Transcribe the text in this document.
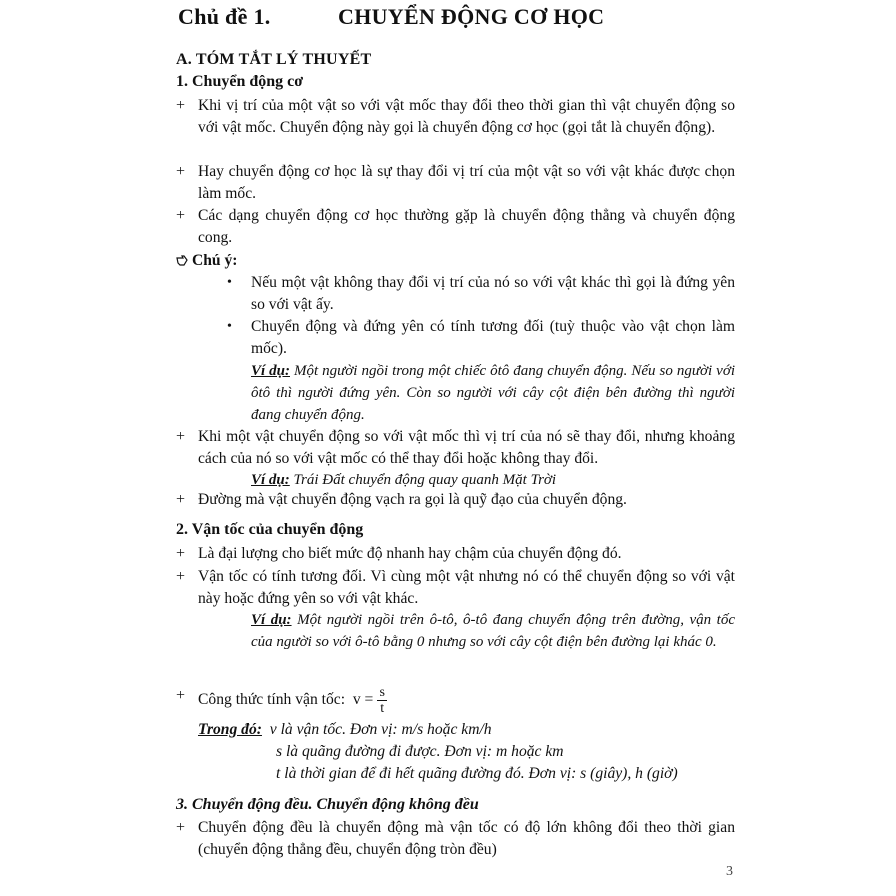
Chủ đề 1.	CHUYỂN ĐỘNG CƠ HỌC
A. TÓM TẮT LÝ THUYẾT
1. Chuyển động cơ
+ Khi vị trí của một vật so với vật mốc thay đổi theo thời gian thì vật chuyển động so với vật mốc. Chuyển động này gọi là chuyển động cơ học (gọi tắt là chuyển động).
+ Hay chuyển động cơ học là sự thay đổi vị trí của một vật so với vật khác được chọn làm mốc.
+ Các dạng chuyển động cơ học thường gặp là chuyển động thẳng và chuyển động cong.
Chú ý:
• Nếu một vật không thay đổi vị trí của nó so với vật khác thì gọi là đứng yên so với vật ấy.
• Chuyển động và đứng yên có tính tương đối (tuỳ thuộc vào vật chọn làm mốc).
Ví dụ: Một người ngồi trong một chiếc ôtô đang chuyển động. Nếu so người với ôtô thì người đứng yên. Còn so người với cây cột điện bên đường thì người đang chuyển động.
+ Khi một vật chuyển động so với vật mốc thì vị trí của nó sẽ thay đổi, nhưng khoảng cách của nó so với vật mốc có thể thay đổi hoặc không thay đổi.
Ví dụ: Trái Đất chuyển động quay quanh Mặt Trời
+ Đường mà vật chuyển động vạch ra gọi là quỹ đạo của chuyển động.
2. Vận tốc của chuyển động
+ Là đại lượng cho biết mức độ nhanh hay chậm của chuyển động đó.
+ Vận tốc có tính tương đối. Vì cùng một vật nhưng nó có thể chuyển động so với vật này hoặc đứng yên so với vật khác.
Ví dụ: Một người ngồi trên ô-tô, ô-tô đang chuyển động trên đường, vận tốc của người so với ô-tô bằng 0 nhưng so với cây cột điện bên đường lại khác 0.
+ Công thức tính vận tốc: $v = \frac{s}{t}$
Trong đó: v là vận tốc. Đơn vị: m/s hoặc km/h
s là quãng đường đi được. Đơn vị: m hoặc km
t là thời gian để đi hết quãng đường đó. Đơn vị: s (giây), h (giờ)
3. Chuyển động đều. Chuyển động không đều
+ Chuyển động đều là chuyển động mà vận tốc có độ lớn không đổi theo thời gian (chuyển động thẳng đều, chuyển động tròn đều)
3
